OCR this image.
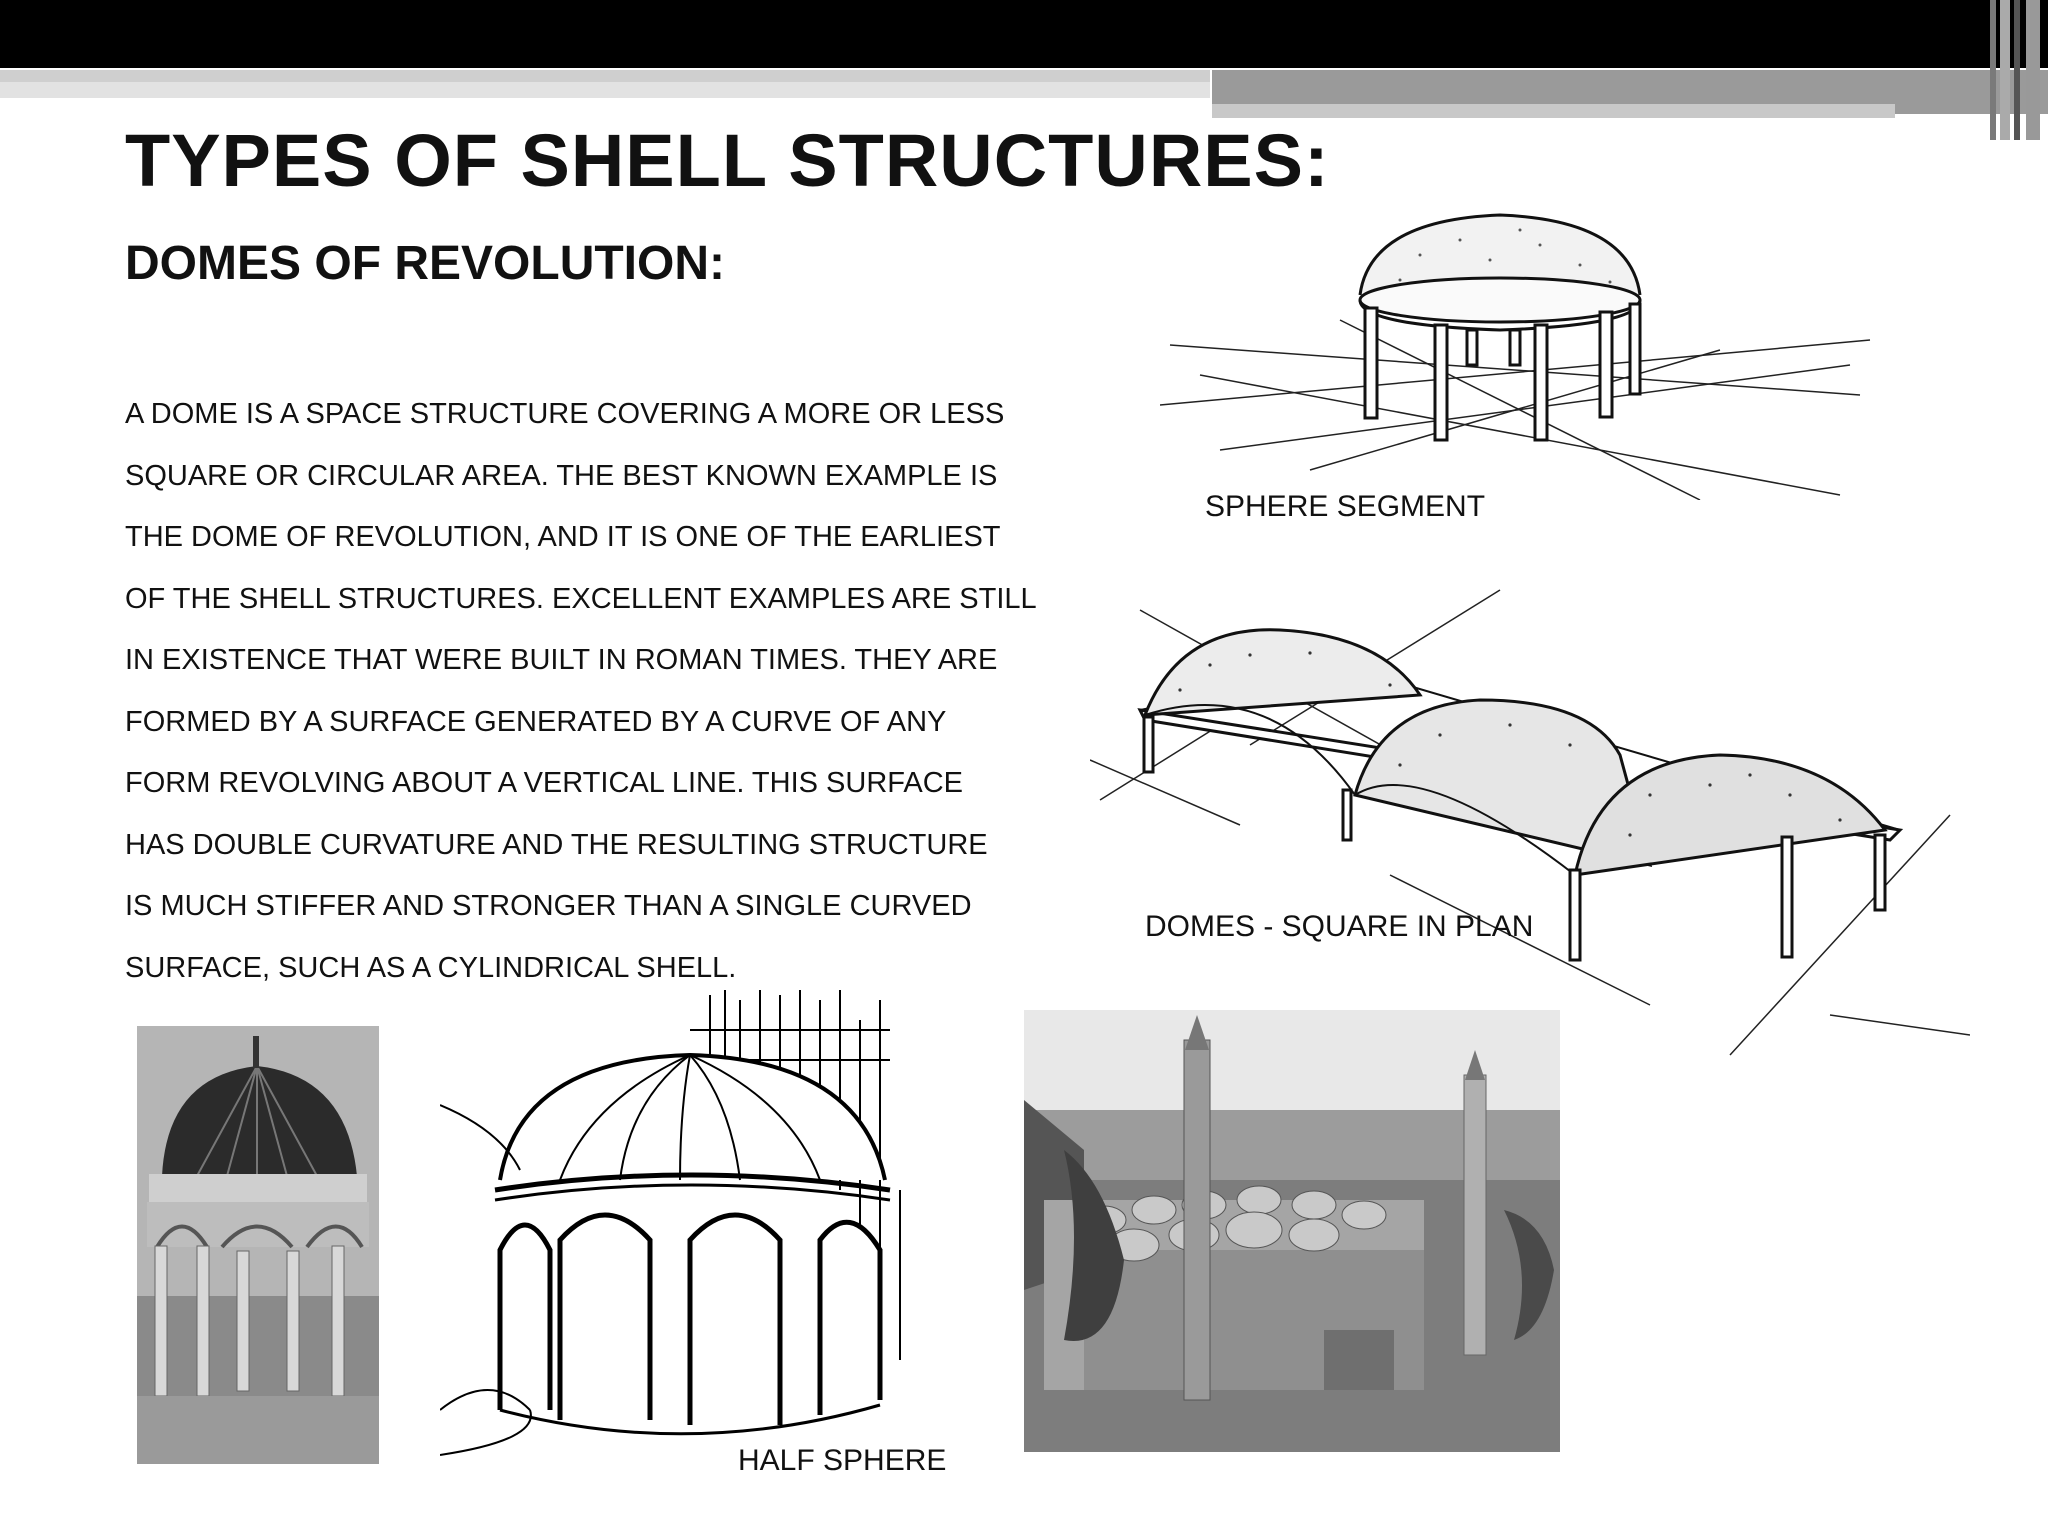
TYPES OF SHELL STRUCTURES:
DOMES OF REVOLUTION:
A DOME IS A SPACE STRUCTURE COVERING A MORE OR LESS
SQUARE OR CIRCULAR AREA. THE BEST KNOWN EXAMPLE IS
THE DOME OF REVOLUTION, AND IT IS ONE OF THE EARLIEST
OF THE SHELL STRUCTURES. EXCELLENT EXAMPLES ARE STILL
IN EXISTENCE THAT WERE BUILT IN ROMAN TIMES. THEY ARE
FORMED BY A SURFACE GENERATED BY A CURVE OF ANY
FORM REVOLVING ABOUT A VERTICAL LINE. THIS SURFACE
HAS DOUBLE CURVATURE AND THE RESULTING STRUCTURE
IS MUCH STIFFER AND STRONGER THAN A SINGLE CURVED
SURFACE, SUCH AS A CYLINDRICAL SHELL.
SPHERE SEGMENT
DOMES - SQUARE IN PLAN
HALF SPHERE
